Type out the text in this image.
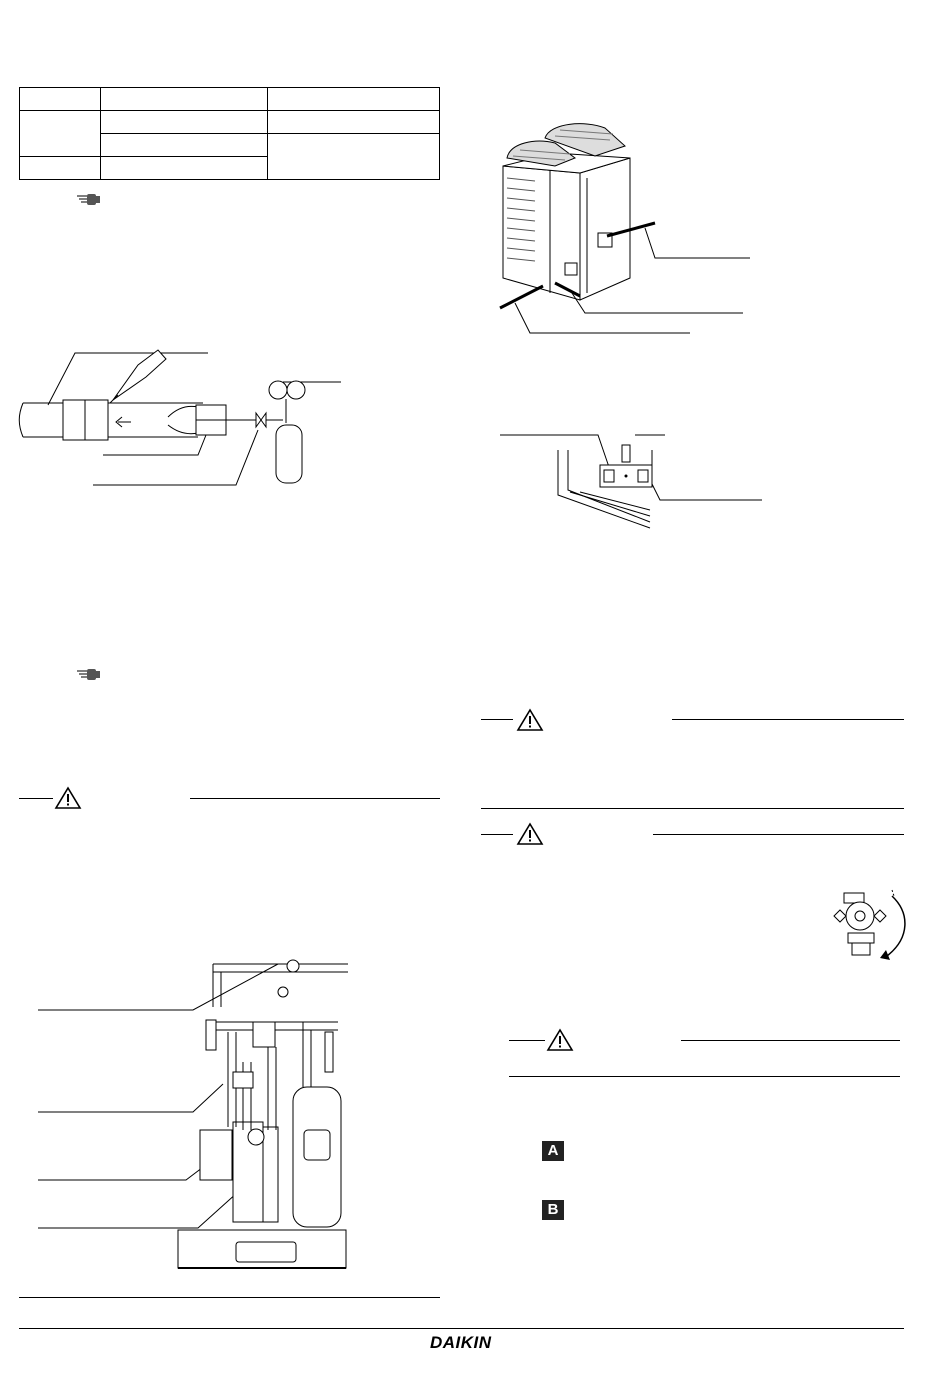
A
B
DAIKIN
